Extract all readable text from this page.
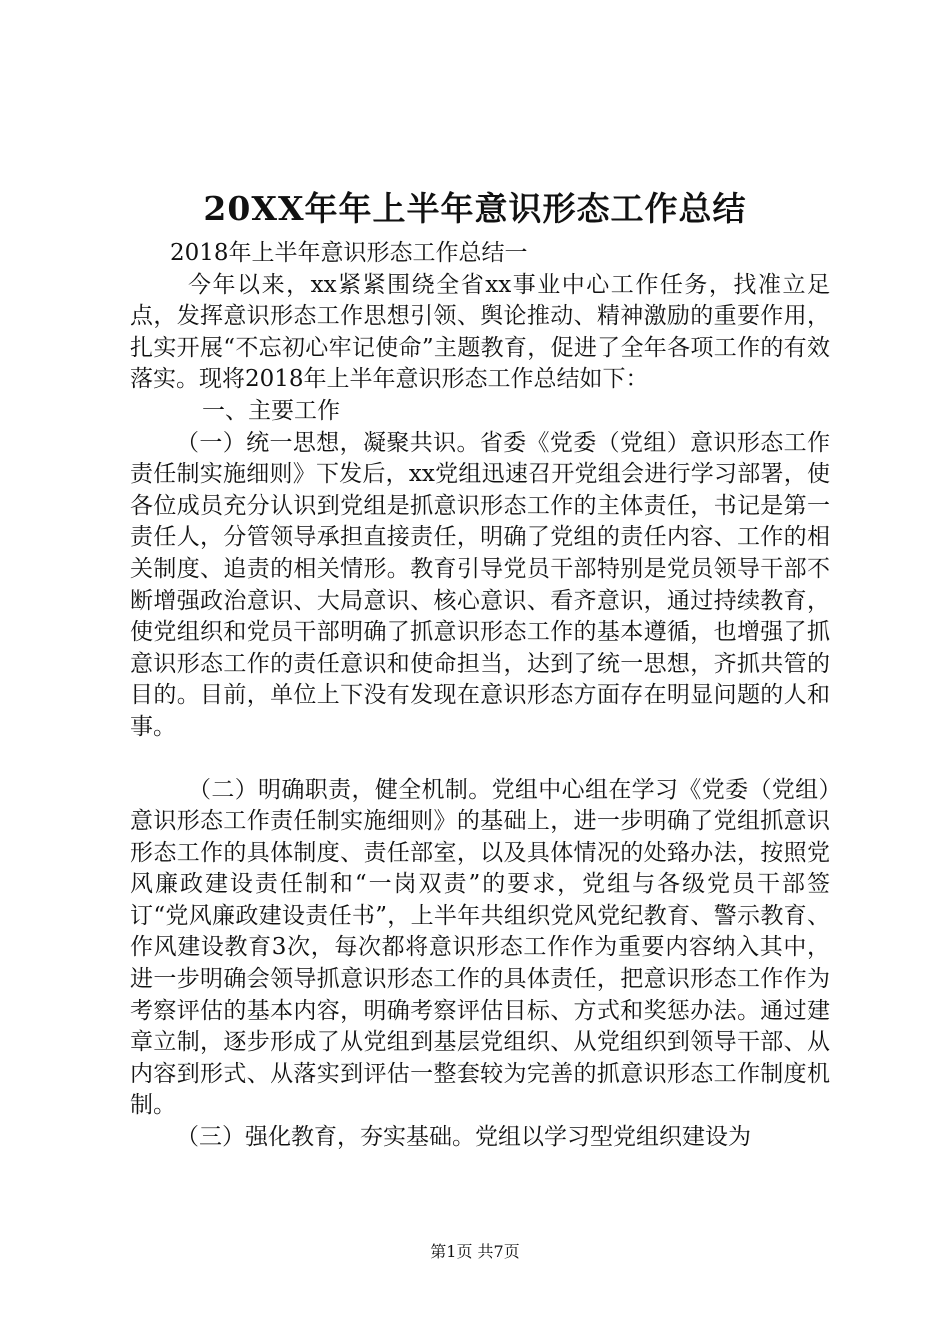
20XX年年上半年意识形态工作总结

2018年上半年意识形态工作总结一

今年以来，xx紧紧围绕全省xx事业中心工作任务，找准立足点，发挥意识形态工作思想引领、舆论推动、精神激励的重要作用，扎实开展“不忘初心牢记使命”主题教育，促进了全年各项工作的有效落实。现将2018年上半年意识形态工作总结如下：

一、主要工作

（一）统一思想，凝聚共识。省委《党委（党组）意识形态工作责任制实施细则》下发后，xx党组迅速召开党组会进行学习部署，使各位成员充分认识到党组是抓意识形态工作的主体责任，书记是第一责任人，分管领导承担直接责任，明确了党组的责任内容、工作的相关制度、追责的相关情形。教育引导党员干部特别是党员领导干部不断增强政治意识、大局意识、核心意识、看齐意识，通过持续教育，使党组织和党员干部明确了抓意识形态工作的基本遵循，也增强了抓意识形态工作的责任意识和使命担当，达到了统一思想，齐抓共管的目的。目前，单位上下没有发现在意识形态方面存在明显问题的人和事。

（二）明确职责，健全机制。党组中心组在学习《党委（党组）意识形态工作责任制实施细则》的基础上，进一步明确了党组抓意识形态工作的具体制度、责任部室，以及具体情况的处臵办法，按照党风廉政建设责任制和“一岗双责”的要求，党组与各级党员干部签订“党风廉政建设责任书”，上半年共组织党风党纪教育、警示教育、作风建设教育3次，每次都将意识形态工作作为重要内容纳入其中，进一步明确会领导抓意识形态工作的具体责任，把意识形态工作作为考察评估的基本内容，明确考察评估目标、方式和奖惩办法。通过建章立制，逐步形成了从党组到基层党组织、从党组织到领导干部、从内容到形式、从落实到评估一整套较为完善的抓意识形态工作制度机制。

（三）强化教育，夯实基础。党组以学习型党组织建设为

第1页 共7页
